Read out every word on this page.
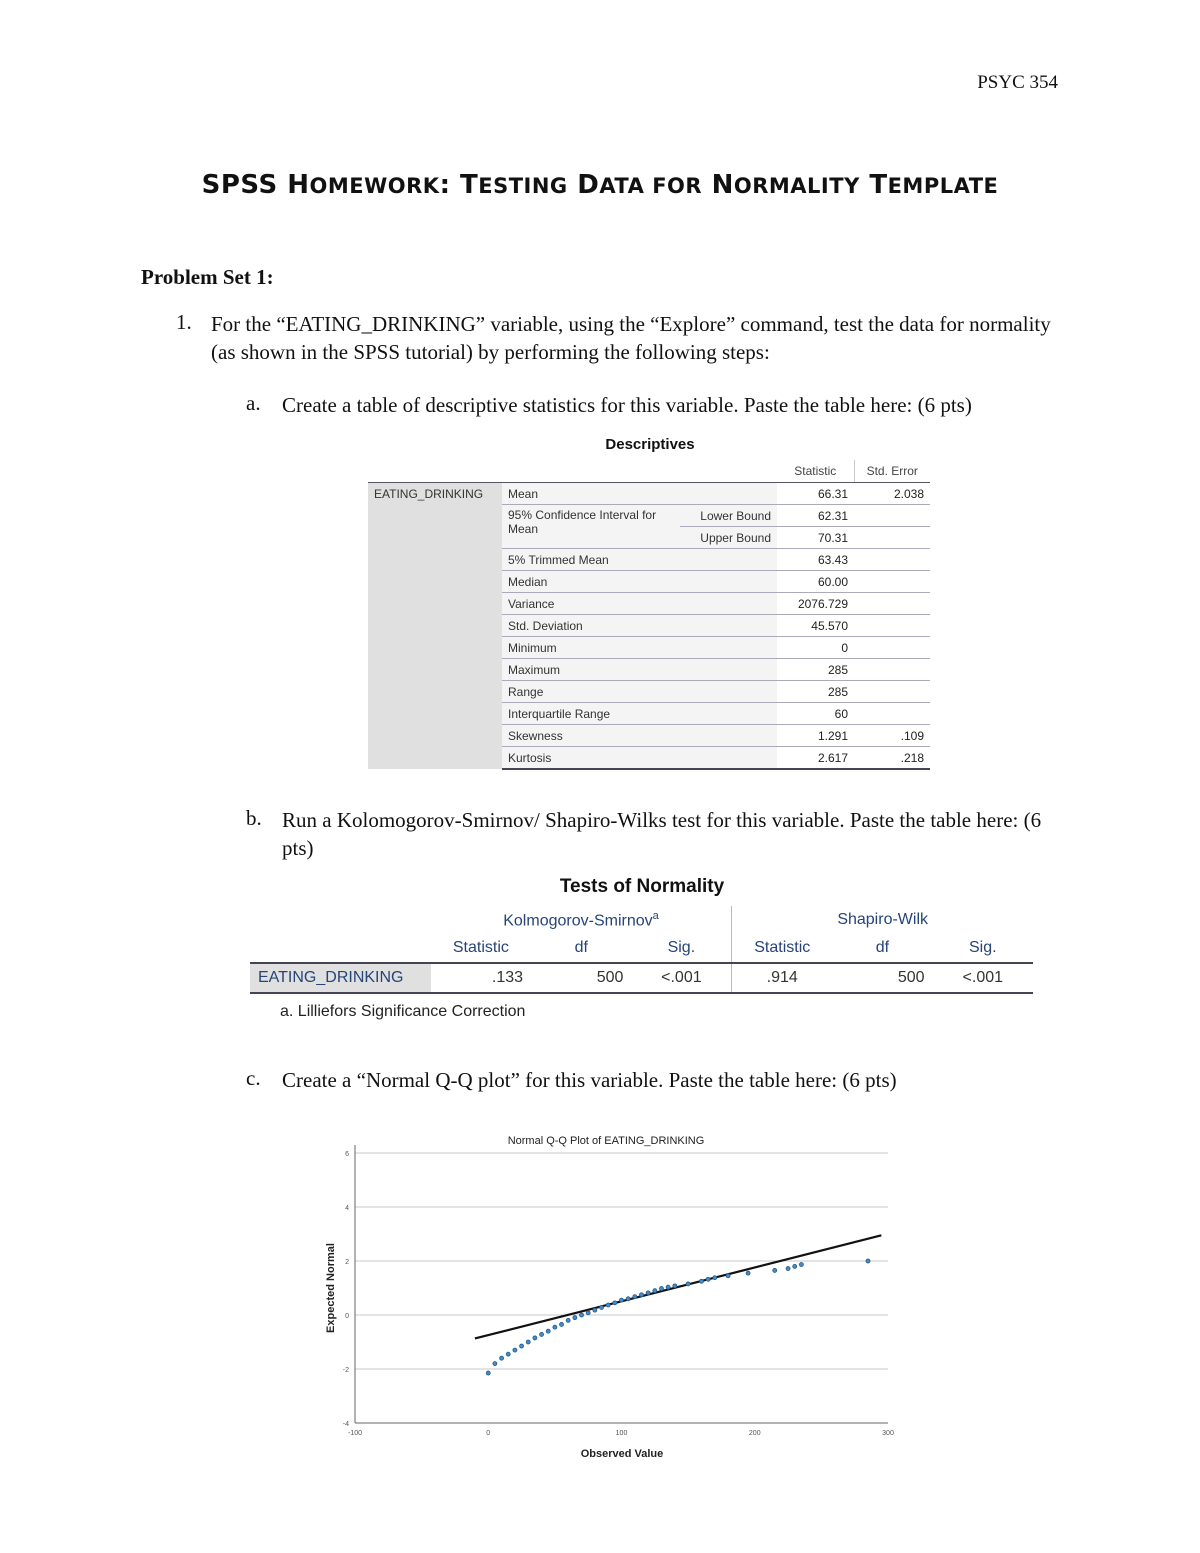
PSYC 354
SPSS HOMEWORK: TESTING DATA FOR NORMALITY TEMPLATE
Problem Set 1:
1. For the “EATING_DRINKING” variable, using the “Explore” command, test the data for normality (as shown in the SPSS tutorial) by performing the following steps:
a. Create a table of descriptive statistics for this variable. Paste the table here: (6 pts)
Descriptives
			Statistic	Std. Error
EATING_DRINKING	Mean		66.31	2.038
	95% Confidence Interval for Mean	Lower Bound	62.31	
		Upper Bound	70.31	
	5% Trimmed Mean		63.43	
	Median		60.00	
	Variance		2076.729	
	Std. Deviation		45.570	
	Minimum		0	
	Maximum		285	
	Range		285	
	Interquartile Range		60	
	Skewness		1.291	.109
	Kurtosis		2.617	.218
b. Run a Kolomogorov-Smirnov/ Shapiro-Wilks test for this variable. Paste the table here: (6 pts)
Tests of Normality
	Kolmogorov-Smirnov$^a$			Shapiro-Wilk		
	Statistic	df	Sig.	Statistic	df	Sig.
EATING_DRINKING	.133	500	<.001	.914	500	<.001
a. Lilliefors Significance Correction
c. Create a “Normal Q-Q plot” for this variable. Paste the table here: (6 pts)
Normal Q-Q Plot of EATING_DRINKING
Observed Value
Expected Normal
6
4
2
0
-2
-4
-100	0	100	200	300
